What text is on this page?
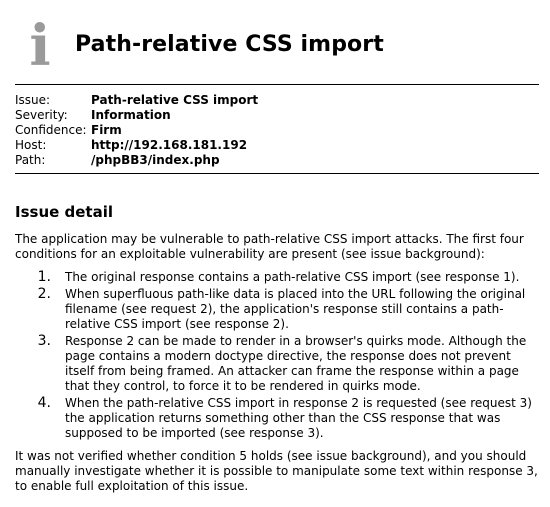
i Path-relative CSS import
Issue:	Path-relative CSS import
Severity:	Information
Confidence: Firm
Host:	http://192.168.181.192
Path:	/phpBB3/index.php
Issue detail

The application may be vulnerable to path-relative CSS import attacks. The first four conditions for an exploitable vulnerability are present (see issue background):

1.	The original response contains a path-relative CSS import (see response 1).
2.	When superfluous path-like data is placed into the URL following the original filename (see request 2), the application's response still contains a path-relative CSS import (see response 2).
3.	Response 2 can be made to render in a browser's quirks mode. Although the page contains a modern doctype directive, the response does not prevent itself from being framed. An attacker can frame the response within a page that they control, to force it to be rendered in quirks mode.
4.	When the path-relative CSS import in response 2 is requested (see request 3) the application returns something other than the CSS response that was supposed to be imported (see response 3).

It was not verified whether condition 5 holds (see issue background), and you should manually investigate whether it is possible to manipulate some text within response 3, to enable full exploitation of this issue.
